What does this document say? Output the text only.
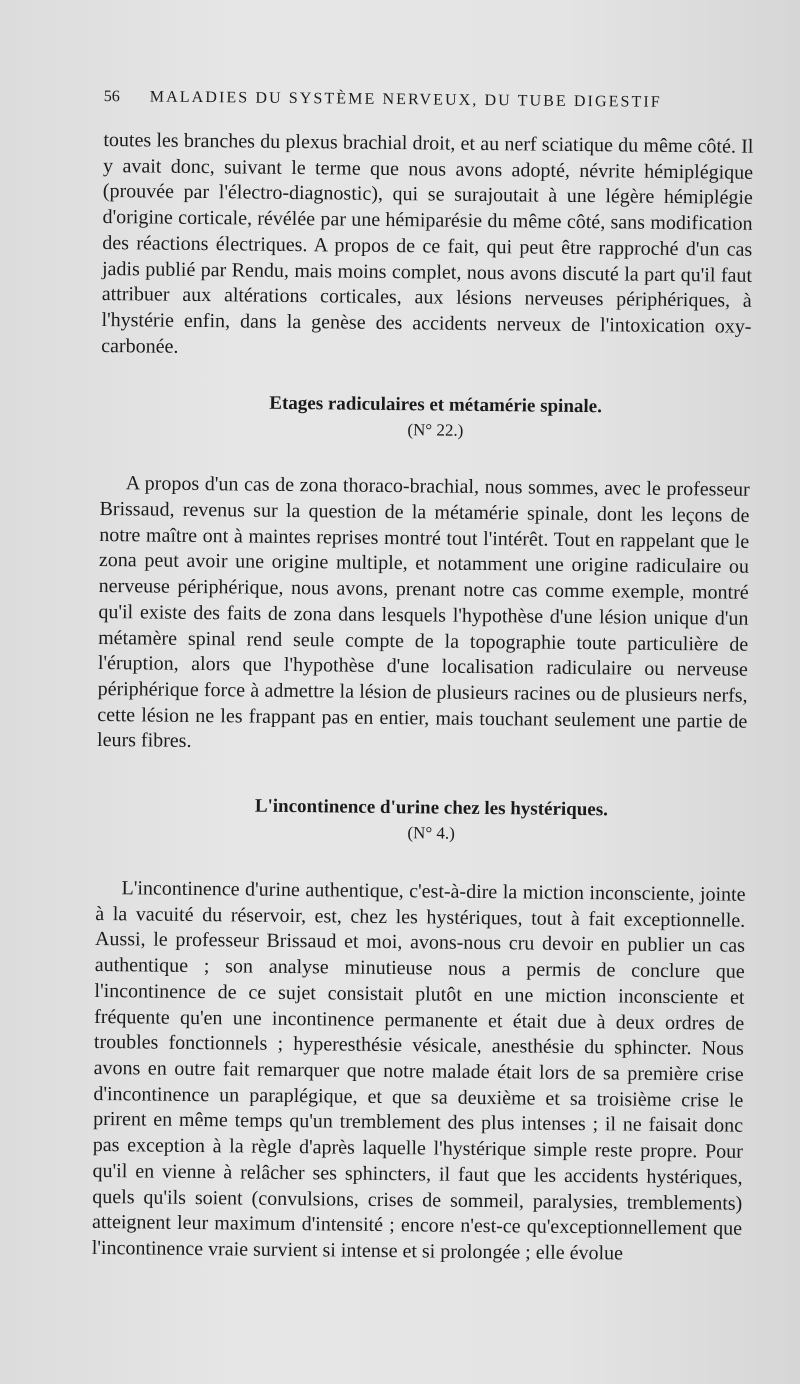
56 MALADIES DU SYSTÈME NERVEUX, DU TUBE DIGESTIF

toutes les branches du plexus brachial droit, et au nerf sciatique du même côté. Il y avait donc, suivant le terme que nous avons adopté, névrite hémiplégique (prouvée par l'électro-diagnostic), qui se surajoutait à une légère hémiplégie d'origine corticale, révélée par une hémiparésie du même côté, sans modification des réactions électriques. A propos de ce fait, qui peut être rapproché d'un cas jadis publié par Rendu, mais moins complet, nous avons discuté la part qu'il faut attribuer aux altérations corticales, aux lésions nerveuses périphériques, à l'hystérie enfin, dans la genèse des accidents nerveux de l'intoxication oxy-carbonée.

Etages radiculaires et métamérie spinale.
(N° 22.)

A propos d'un cas de zona thoraco-brachial, nous sommes, avec le professeur Brissaud, revenus sur la question de la métamérie spinale, dont les leçons de notre maître ont à maintes reprises montré tout l'intérêt. Tout en rappelant que le zona peut avoir une origine multiple, et notamment une origine radiculaire ou nerveuse périphérique, nous avons, prenant notre cas comme exemple, montré qu'il existe des faits de zona dans lesquels l'hypothèse d'une lésion unique d'un métamère spinal rend seule compte de la topographie toute particulière de l'éruption, alors que l'hypothèse d'une localisation radiculaire ou nerveuse périphérique force à admettre la lésion de plusieurs racines ou de plusieurs nerfs, cette lésion ne les frappant pas en entier, mais touchant seulement une partie de leurs fibres.

L'incontinence d'urine chez les hystériques.
(N° 4.)

L'incontinence d'urine authentique, c'est-à-dire la miction inconsciente, jointe à la vacuité du réservoir, est, chez les hystériques, tout à fait exceptionnelle. Aussi, le professeur Brissaud et moi, avons-nous cru devoir en publier un cas authentique ; son analyse minutieuse nous a permis de conclure que l'incontinence de ce sujet consistait plutôt en une miction inconsciente et fréquente qu'en une incontinence permanente et était due à deux ordres de troubles fonctionnels ; hyperesthésie vésicale, anesthésie du sphincter. Nous avons en outre fait remarquer que notre malade était lors de sa première crise d'incontinence un paraplégique, et que sa deuxième et sa troisième crise le prirent en même temps qu'un tremblement des plus intenses ; il ne faisait donc pas exception à la règle d'après laquelle l'hystérique simple reste propre. Pour qu'il en vienne à relâcher ses sphincters, il faut que les accidents hystériques, quels qu'ils soient (convulsions, crises de sommeil, paralysies, tremblements) atteignent leur maximum d'intensité ; encore n'est-ce qu'exceptionnellement que l'incontinence vraie survient si intense et si prolongée ; elle évolue
